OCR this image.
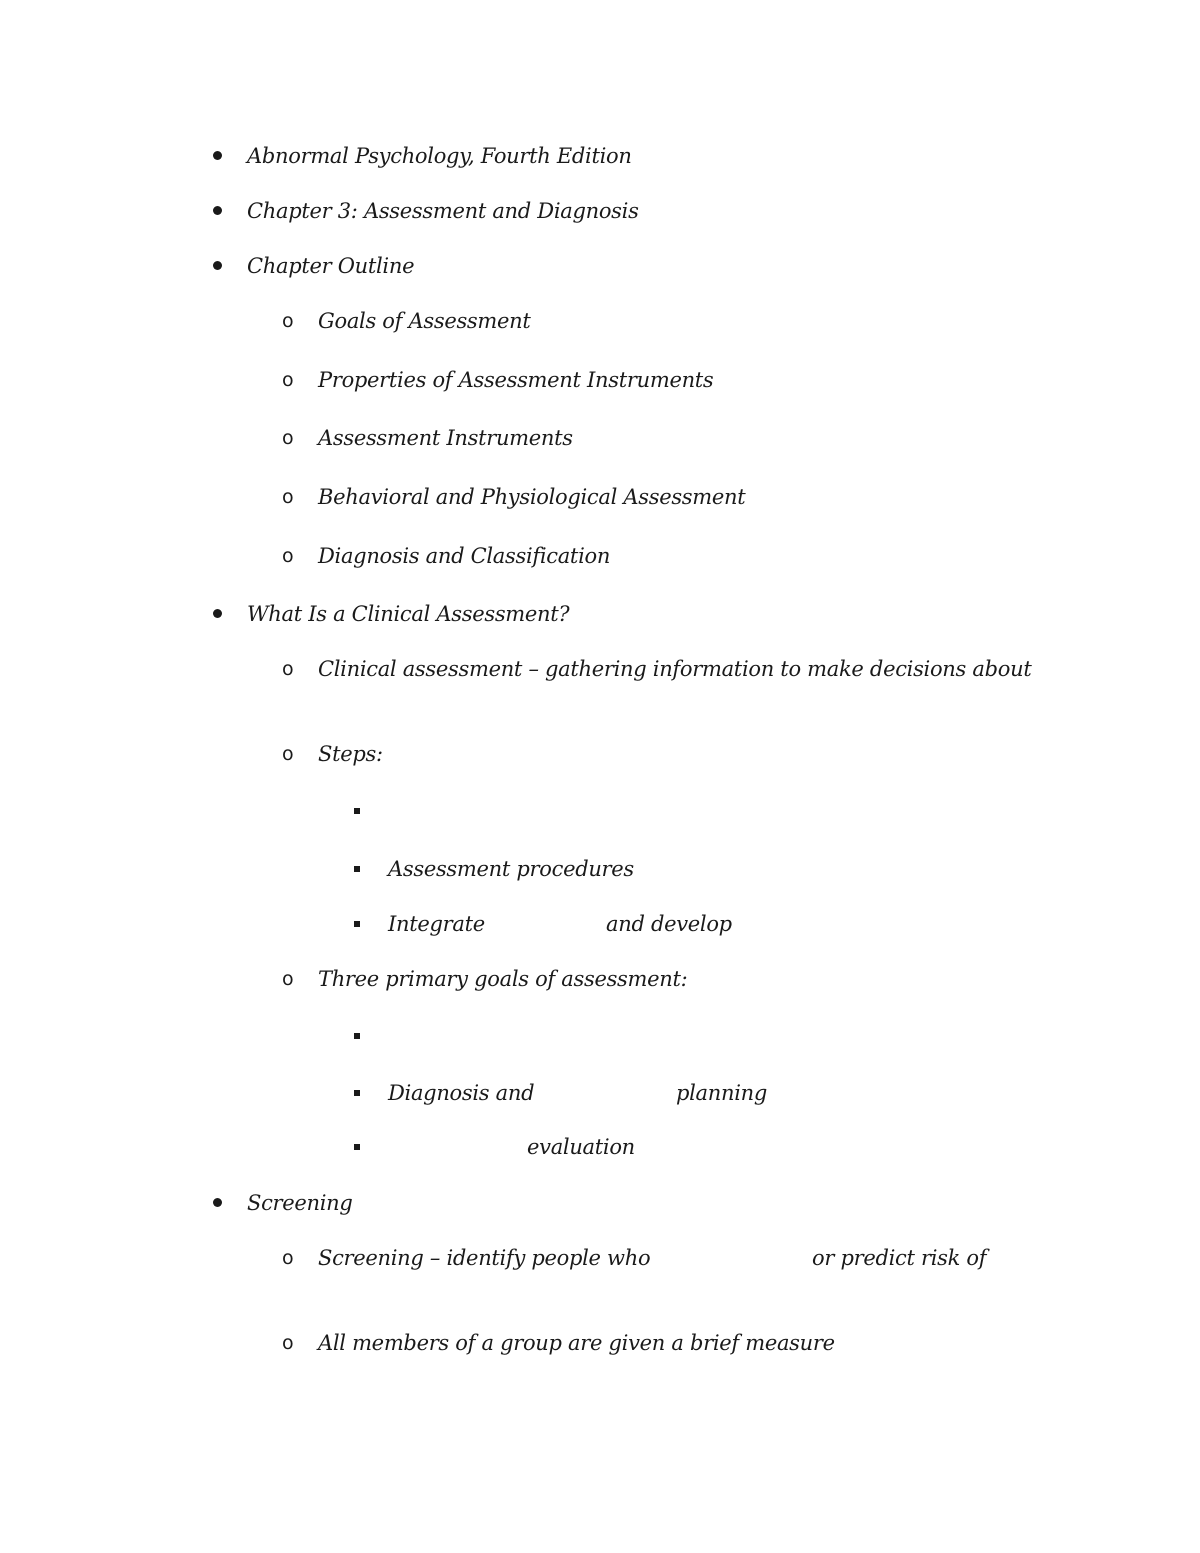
Abnormal Psychology, Fourth Edition
Chapter 3: Assessment and Diagnosis
Chapter Outline
o Goals of Assessment
o Properties of Assessment Instruments
o Assessment Instruments
o Behavioral and Physiological Assessment
o Diagnosis and Classification
What Is a Clinical Assessment?
o Clinical assessment – gathering information to make decisions about
o Steps:
Assessment procedures
Integrate	and develop
o Three primary goals of assessment:
Diagnosis and	planning
evaluation
Screening
o Screening – identify people who	or predict risk of
o All members of a group are given a brief measure
